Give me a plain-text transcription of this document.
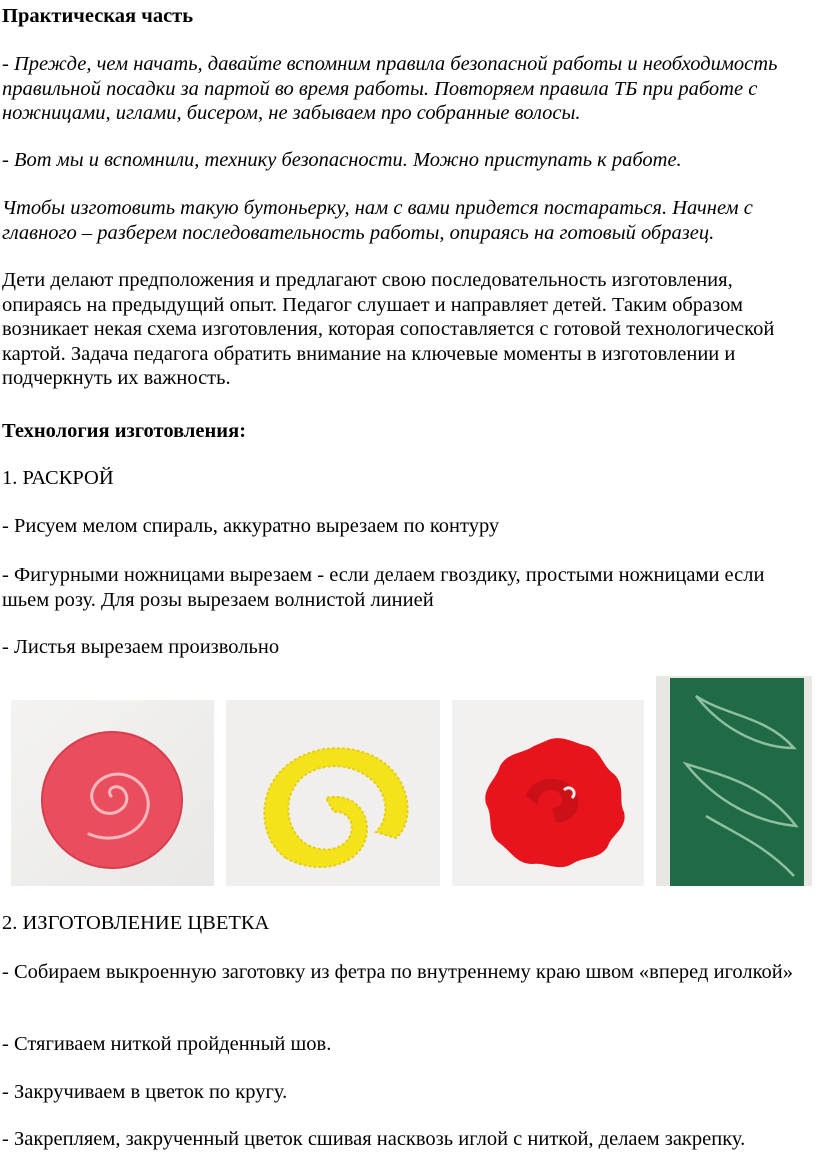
Практическая часть

- Прежде, чем начать, давайте вспомним правила безопасной работы и необходимость правильной посадки за партой во время работы. Повторяем правила ТБ при работе с ножницами, иглами, бисером, не забываем про собранные волосы.

- Вот мы и вспомнили, технику безопасности. Можно приступать к работе.

Чтобы изготовить такую бутоньерку, нам с вами придется постараться. Начнем с главного – разберем последовательность работы, опираясь на готовый образец.

Дети делают предположения и предлагают свою последовательность изготовления, опираясь на предыдущий опыт. Педагог слушает и направляет детей. Таким образом возникает некая схема изготовления, которая сопоставляется с готовой технологической картой. Задача педагога обратить внимание на ключевые моменты в изготовлении и подчеркнуть их важность.

Технология изготовления:

1. РАСКРОЙ

- Рисуем мелом спираль, аккуратно вырезаем по контуру

- Фигурными ножницами вырезаем - если делаем гвоздику, простыми ножницами если шьем розу. Для розы вырезаем волнистой линией

- Листья вырезаем произвольно

2. ИЗГОТОВЛЕНИЕ ЦВЕТКА

- Собираем выкроенную заготовку из фетра по внутреннему краю швом «вперед иголкой»

- Стягиваем ниткой пройденный шов.

- Закручиваем в цветок по кругу.

- Закрепляем, закрученный цветок сшивая насквозь иглой с ниткой, делаем закрепку.
